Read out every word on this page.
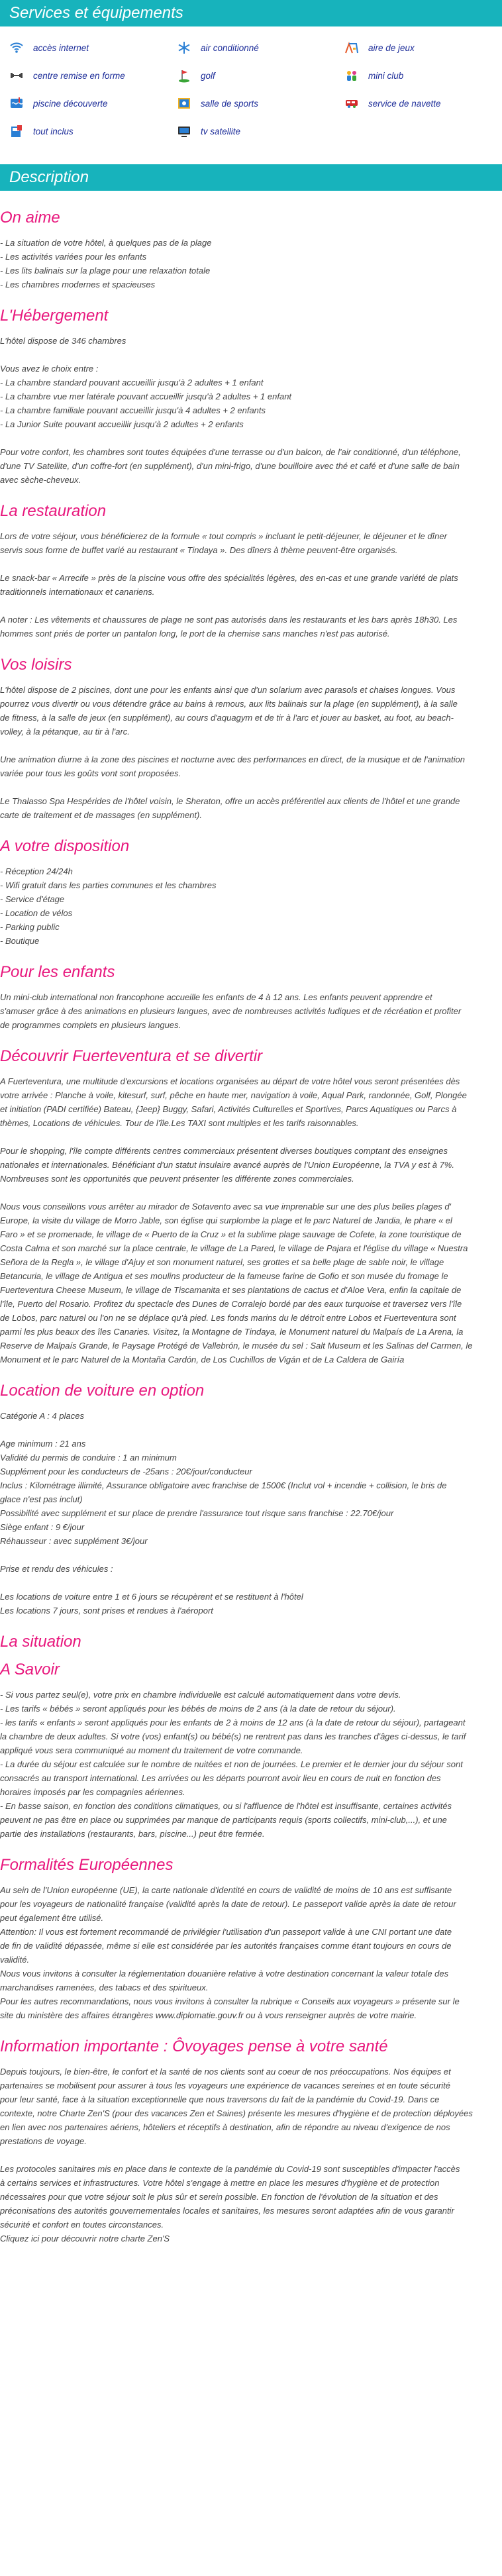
Services et équipements
accès internet	air conditionné	aire de jeux
centre remise en forme	golf	mini club
piscine découverte	salle de sports	service de navette
tout inclus	tv satellite
Description
On aime
- La situation de votre hôtel, à quelques pas de la plage
- Les activités variées pour les enfants
- Les lits balinais sur la plage pour une relaxation totale
- Les chambres modernes et spacieuses
L'Hébergement
L'hôtel dispose de 346 chambres
Vous avez le choix entre :
- La chambre standard pouvant accueillir jusqu'à 2 adultes + 1 enfant
- La chambre vue mer latérale pouvant accueillir jusqu'à 2 adultes + 1 enfant
- La chambre familiale pouvant accueillir jusqu'à 4 adultes + 2 enfants
- La Junior Suite pouvant accueillir jusqu'à 2 adultes + 2 enfants
Pour votre confort, les chambres sont toutes équipées d'une terrasse ou d'un balcon, de l'air conditionné, d'un téléphone,
d'une TV Satellite, d'un coffre-fort (en supplément), d'un mini-frigo, d'une bouilloire avec thé et café et d'une salle de bain
avec sèche-cheveux.
La restauration
Lors de votre séjour, vous bénéficierez de la formule « tout compris » incluant le petit-déjeuner, le déjeuner et le dîner
servis sous forme de buffet varié au restaurant « Tindaya ». Des dîners à thème peuvent-être organisés.
Le snack-bar « Arrecife » près de la piscine vous offre des spécialités légères, des en-cas et une grande variété de plats
traditionnels internationaux et canariens.
A noter : Les vêtements et chaussures de plage ne sont pas autorisés dans les restaurants et les bars après 18h30. Les
hommes sont priés de porter un pantalon long, le port de la chemise sans manches n'est pas autorisé.
Vos loisirs
L'hôtel dispose de 2 piscines, dont une pour les enfants ainsi que d'un solarium avec parasols et chaises longues. Vous
pourrez vous divertir ou vous détendre grâce au bains à remous, aux lits balinais sur la plage (en supplément), à la salle
de fitness, à la salle de jeux (en supplément), au cours d'aquagym et de tir à l'arc et jouer au basket, au foot, au beach-
volley, à la pétanque, au tir à l'arc.
Une animation diurne à la zone des piscines et nocturne avec des performances en direct, de la musique et de l'animation
variée pour tous les goûts vont sont proposées.
Le Thalasso Spa Hespérides de l'hôtel voisin, le Sheraton, offre un accès préférentiel aux clients de l'hôtel et une grande
carte de traitement et de massages (en supplément).
A votre disposition
- Réception 24/24h
- Wifi gratuit dans les parties communes et les chambres
- Service d'étage
- Location de vélos
- Parking public
- Boutique
Pour les enfants
Un mini-club international non francophone accueille les enfants de 4 à 12 ans. Les enfants peuvent apprendre et
s'amuser grâce à des animations en plusieurs langues, avec de nombreuses activités ludiques et de récréation et profiter
de programmes complets en plusieurs langues.
Découvrir Fuerteventura et se divertir
A Fuerteventura, une multitude d'excursions et locations organisées au départ de votre hôtel vous seront présentées dès
votre arrivée : Planche à voile, kitesurf, surf, pêche en haute mer, navigation à voile, Aqual Park, randonnée, Golf, Plongée
et initiation (PADI certifiée) Bateau, {Jeep} Buggy, Safari, Activités Culturelles et Sportives, Parcs Aquatiques ou Parcs à
thèmes, Locations de véhicules. Tour de l'île.Les TAXI sont multiples et les tarifs raisonnables.
Pour le shopping, l'île compte différents centres commerciaux présentent diverses boutiques comptant des enseignes
nationales et internationales. Bénéficiant d'un statut insulaire avancé auprès de l'Union Européenne, la TVA y est à 7%.
Nombreuses sont les opportunités que peuvent présenter les différente zones commerciales.
Nous vous conseillons vous arrêter au mirador de Sotavento avec sa vue imprenable sur une des plus belles plages d'
Europe, la visite du village de Morro Jable, son église qui surplombe la plage et le parc Naturel de Jandia, le phare « el
Faro » et se promenade, le village de « Puerto de la Cruz » et la sublime plage sauvage de Cofete, la zone touristique de
Costa Calma et son marché sur la place centrale, le village de La Pared, le village de Pajara et l'église du village « Nuestra
Señora de la Regla », le village d'Ajuy et son monument naturel, ses grottes et sa belle plage de sable noir, le village
Betancuria, le village de Antigua et ses moulins producteur de la fameuse farine de Gofio et son musée du fromage le
Fuerteventura Cheese Museum, le village de Tiscamanita et ses plantations de cactus et d'Aloe Vera, enfin la capitale de
l'île, Puerto del Rosario. Profitez du spectacle des Dunes de Corralejo bordé par des eaux turquoise et traversez vers l'île
de Lobos, parc naturel ou l'on ne se déplace qu'à pied. Les fonds marins du le détroit entre Lobos et Fuerteventura sont
parmi les plus beaux des îles Canaries. Visitez, la Montagne de Tindaya, le Monument naturel du Malpaís de La Arena, la
Reserve de Malpaís Grande, le Paysage Protégé de Vallebrón, le musée du sel : Salt Museum et les Salinas del Carmen, le
Monument et le parc Naturel de la Montaña Cardón, de Los Cuchillos de Vigán et de La Caldera de Gairía
Location de voiture en option
Catégorie A : 4 places
Age minimum : 21 ans
Validité du permis de conduire : 1 an minimum
Supplément pour les conducteurs de -25ans : 20€/jour/conducteur
Inclus : Kilométrage illimité, Assurance obligatoire avec franchise de 1500€ (Inclut vol + incendie + collision, le bris de
glace n'est pas inclut)
Possibilité avec supplément et sur place de prendre l'assurance tout risque sans franchise : 22.70€/jour
Siège enfant : 9 €/jour
Réhausseur : avec supplément 3€/jour
Prise et rendu des véhicules :
Les locations de voiture entre 1 et 6 jours se récupèrent et se restituent à l'hôtel
Les locations 7 jours, sont prises et rendues à l'aéroport
La situation
A Savoir
- Si vous partez seul(e), votre prix en chambre individuelle est calculé automatiquement dans votre devis.
- Les tarifs « bébés » seront appliqués pour les bébés de moins de 2 ans (à la date de retour du séjour).
- les tarifs « enfants » seront appliqués pour les enfants de 2 à moins de 12 ans (à la date de retour du séjour), partageant
la chambre de deux adultes. Si votre (vos) enfant(s) ou bébé(s) ne rentrent pas dans les tranches d'âges ci-dessus, le tarif
appliqué vous sera communiqué au moment du traitement de votre commande.
- La durée du séjour est calculée sur le nombre de nuitées et non de journées. Le premier et le dernier jour du séjour sont
consacrés au transport international. Les arrivées ou les départs pourront avoir lieu en cours de nuit en fonction des
horaires imposés par les compagnies aériennes.
- En basse saison, en fonction des conditions climatiques, ou si l'affluence de l'hôtel est insuffisante, certaines activités
peuvent ne pas être en place ou supprimées par manque de participants requis (sports collectifs, mini-club,...), et une
partie des installations (restaurants, bars, piscine...) peut être fermée.
Formalités Européennes
Au sein de l'Union européenne (UE), la carte nationale d'identité en cours de validité de moins de 10 ans est suffisante
pour les voyageurs de nationalité française (validité après la date de retour). Le passeport valide après la date de retour
peut également être utilisé.
Attention: Il vous est fortement recommandé de privilégier l'utilisation d'un passeport valide à une CNI portant une date
de fin de validité dépassée, même si elle est considérée par les autorités françaises comme étant toujours en cours de
validité.
Nous vous invitons à consulter la réglementation douanière relative à votre destination concernant la valeur totale des
marchandises ramenées, des tabacs et des spiritueux.
Pour les autres recommandations, nous vous invitons à consulter la rubrique « Conseils aux voyageurs » présente sur le
site du ministère des affaires étrangères www.diplomatie.gouv.fr ou à vous renseigner auprès de votre mairie.
Information importante : Ôvoyages pense à votre santé
Depuis toujours, le bien-être, le confort et la santé de nos clients sont au coeur de nos préoccupations. Nos équipes et
partenaires se mobilisent pour assurer à tous les voyageurs une expérience de vacances sereines et en toute sécurité
pour leur santé, face à la situation exceptionnelle que nous traversons du fait de la pandémie du Covid-19. Dans ce
contexte, notre Charte Zen'S (pour des vacances Zen et Saines) présente les mesures d'hygiène et de protection déployées
en lien avec nos partenaires aériens, hôteliers et réceptifs à destination, afin de répondre au niveau d'exigence de nos
prestations de voyage.
Les protocoles sanitaires mis en place dans le contexte de la pandémie du Covid-19 sont susceptibles d'impacter l'accès
à certains services et infrastructures. Votre hôtel s'engage à mettre en place les mesures d'hygiène et de protection
nécessaires pour que votre séjour soit le plus sûr et serein possible. En fonction de l'évolution de la situation et des
préconisations des autorités gouvernementales locales et sanitaires, les mesures seront adaptées afin de vous garantir
sécurité et confort en toutes circonstances.
Cliquez ici pour découvrir notre charte Zen'S
